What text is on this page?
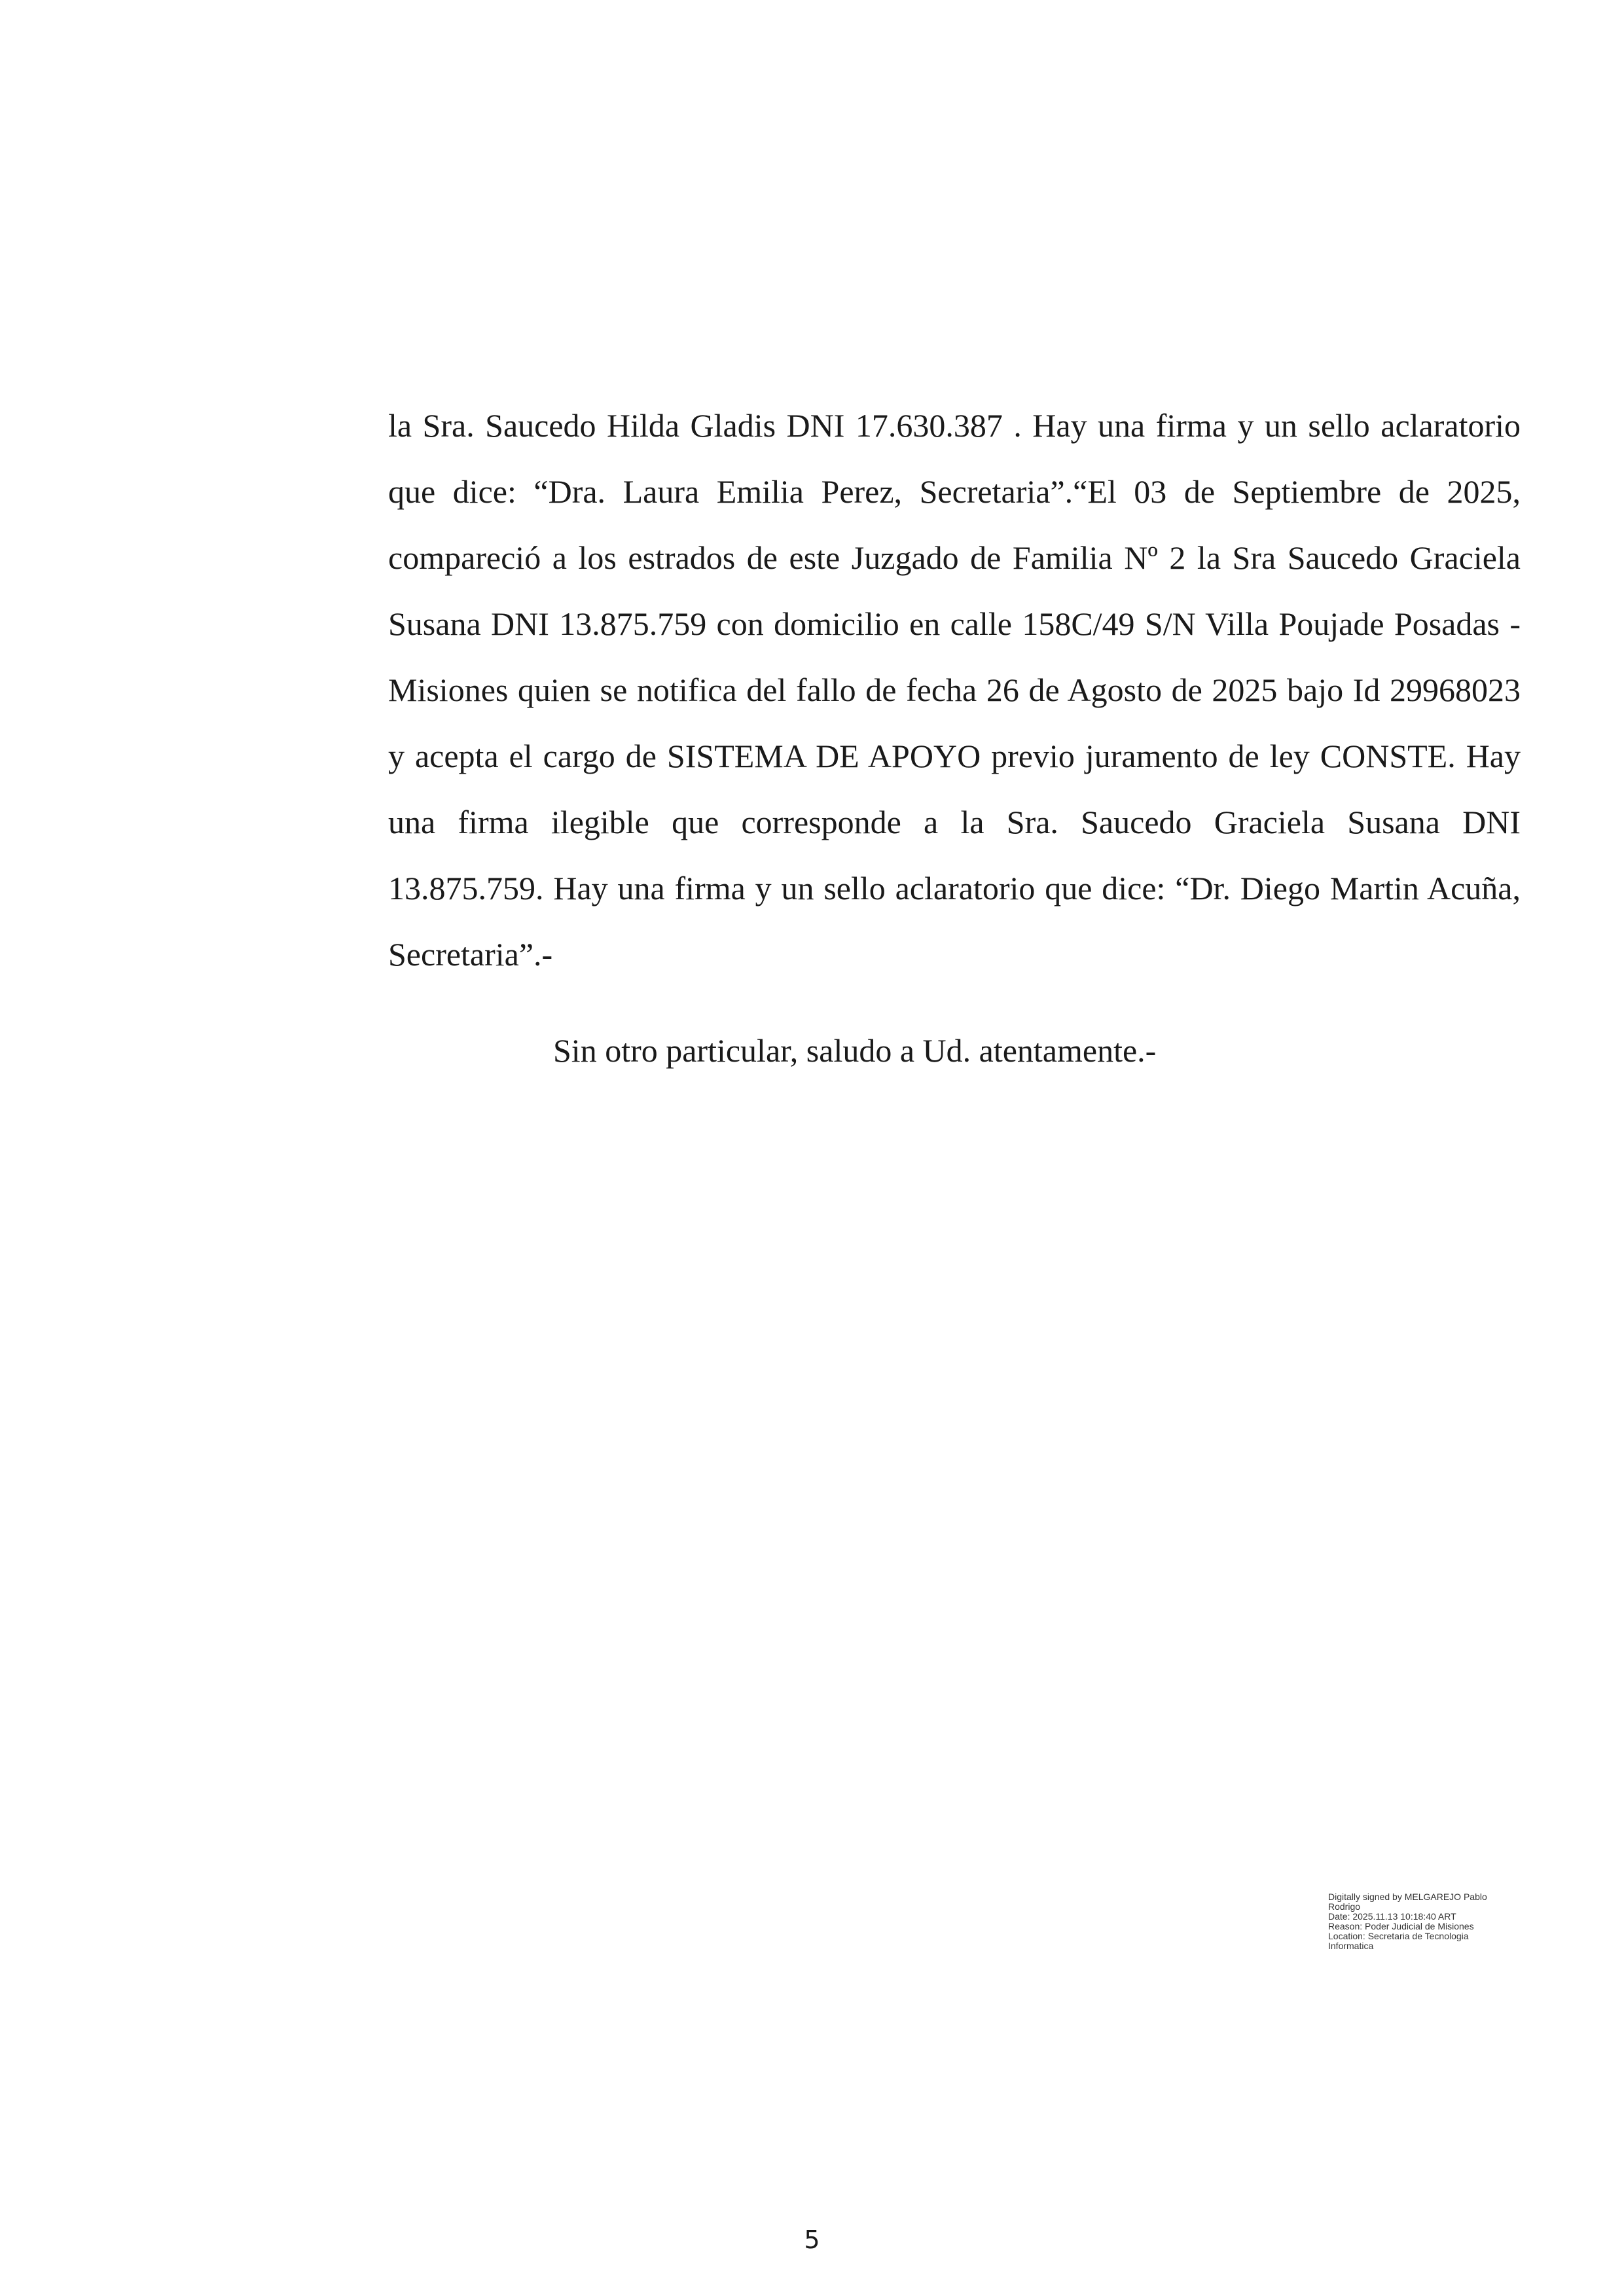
la Sra. Saucedo Hilda Gladis DNI 17.630.387 . Hay una firma y un sello aclaratorio que dice: “Dra. Laura Emilia Perez, Secretaria”.“El 03 de Septiembre de 2025, compareció a los estrados de este Juzgado de Familia Nº 2 la Sra Saucedo Graciela Susana DNI 13.875.759 con domicilio en calle 158C/49 S/N Villa Poujade Posadas - Misiones quien se notifica del fallo de fecha 26 de Agosto de 2025 bajo Id 29968023 y acepta el cargo de SISTEMA DE APOYO previo juramento de ley CONSTE. Hay una firma ilegible que corresponde a la Sra. Saucedo Graciela Susana DNI 13.875.759. Hay una firma y un sello aclaratorio que dice: “Dr. Diego Martin Acuña, Secretaria”.-

Sin otro particular, saludo a Ud. atentamente.-

Digitally signed by MELGAREJO Pablo
Rodrigo
Date: 2025.11.13 10:18:40 ART
Reason: Poder Judicial de Misiones
Location: Secretaria de Tecnologia
Informatica
5
